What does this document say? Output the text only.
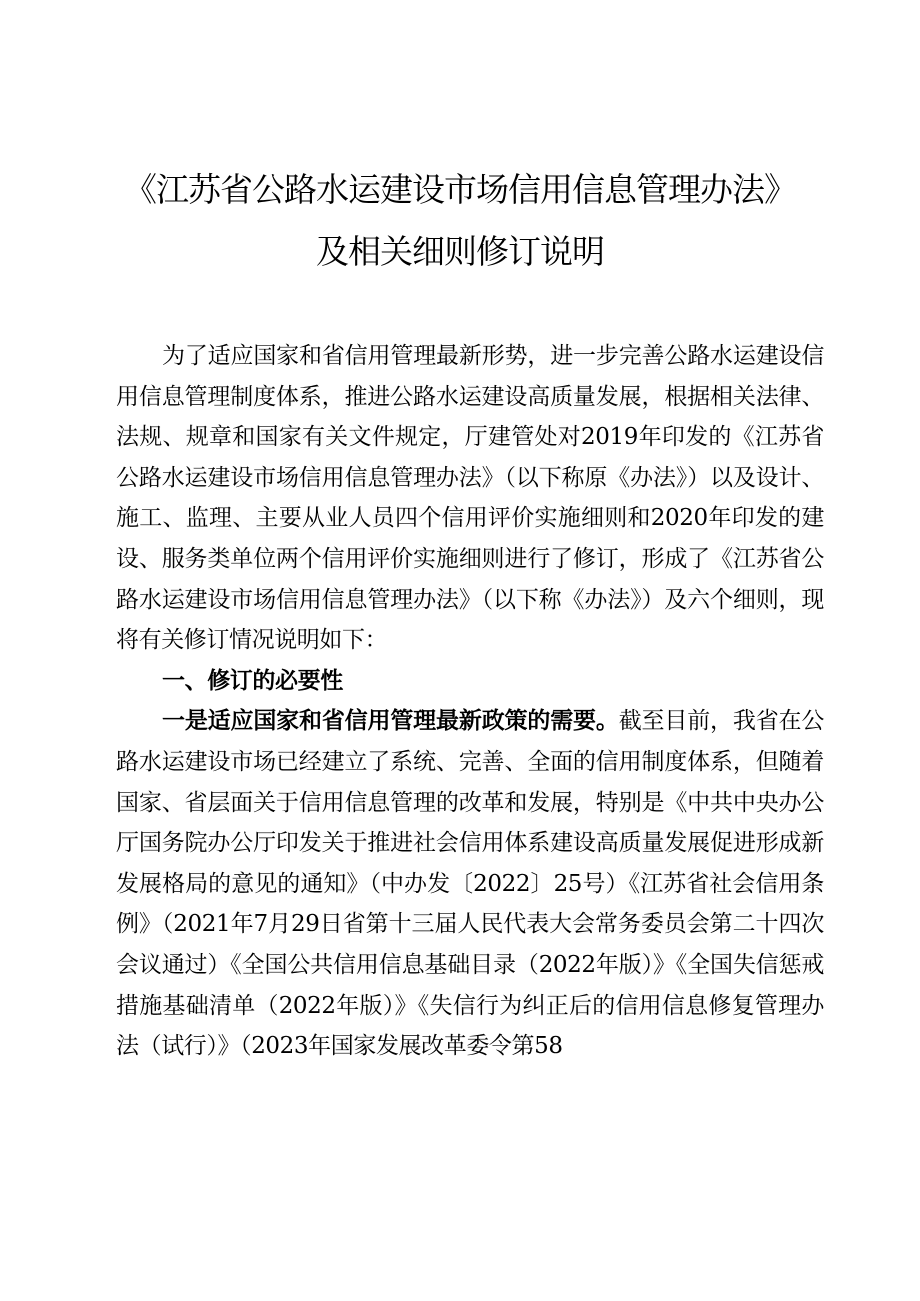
《江苏省公路水运建设市场信用信息管理办法》
及相关细则修订说明

为了适应国家和省信用管理最新形势，进一步完善公路水运建设信用信息管理制度体系，推进公路水运建设高质量发展，根据相关法律、法规、规章和国家有关文件规定，厅建管处对2019年印发的《江苏省公路水运建设市场信用信息管理办法》（以下称原《办法》）以及设计、施工、监理、主要从业人员四个信用评价实施细则和2020年印发的建设、服务类单位两个信用评价实施细则进行了修订，形成了《江苏省公路水运建设市场信用信息管理办法》（以下称《办法》）及六个细则，现将有关修订情况说明如下：

一、修订的必要性

一是适应国家和省信用管理最新政策的需要。截至目前，我省在公路水运建设市场已经建立了系统、完善、全面的信用制度体系，但随着国家、省层面关于信用信息管理的改革和发展，特别是《中共中央办公厅国务院办公厅印发关于推进社会信用体系建设高质量发展促进形成新发展格局的意见的通知》（中办发〔2022〕25号）《江苏省社会信用条例》（2021年7月29日省第十三届人民代表大会常务委员会第二十四次会议通过）《全国公共信用信息基础目录（2022年版）》《全国失信惩戒措施基础清单（2022年版）》《失信行为纠正后的信用信息修复管理办法（试行）》（2023年国家发展改革委令第58
